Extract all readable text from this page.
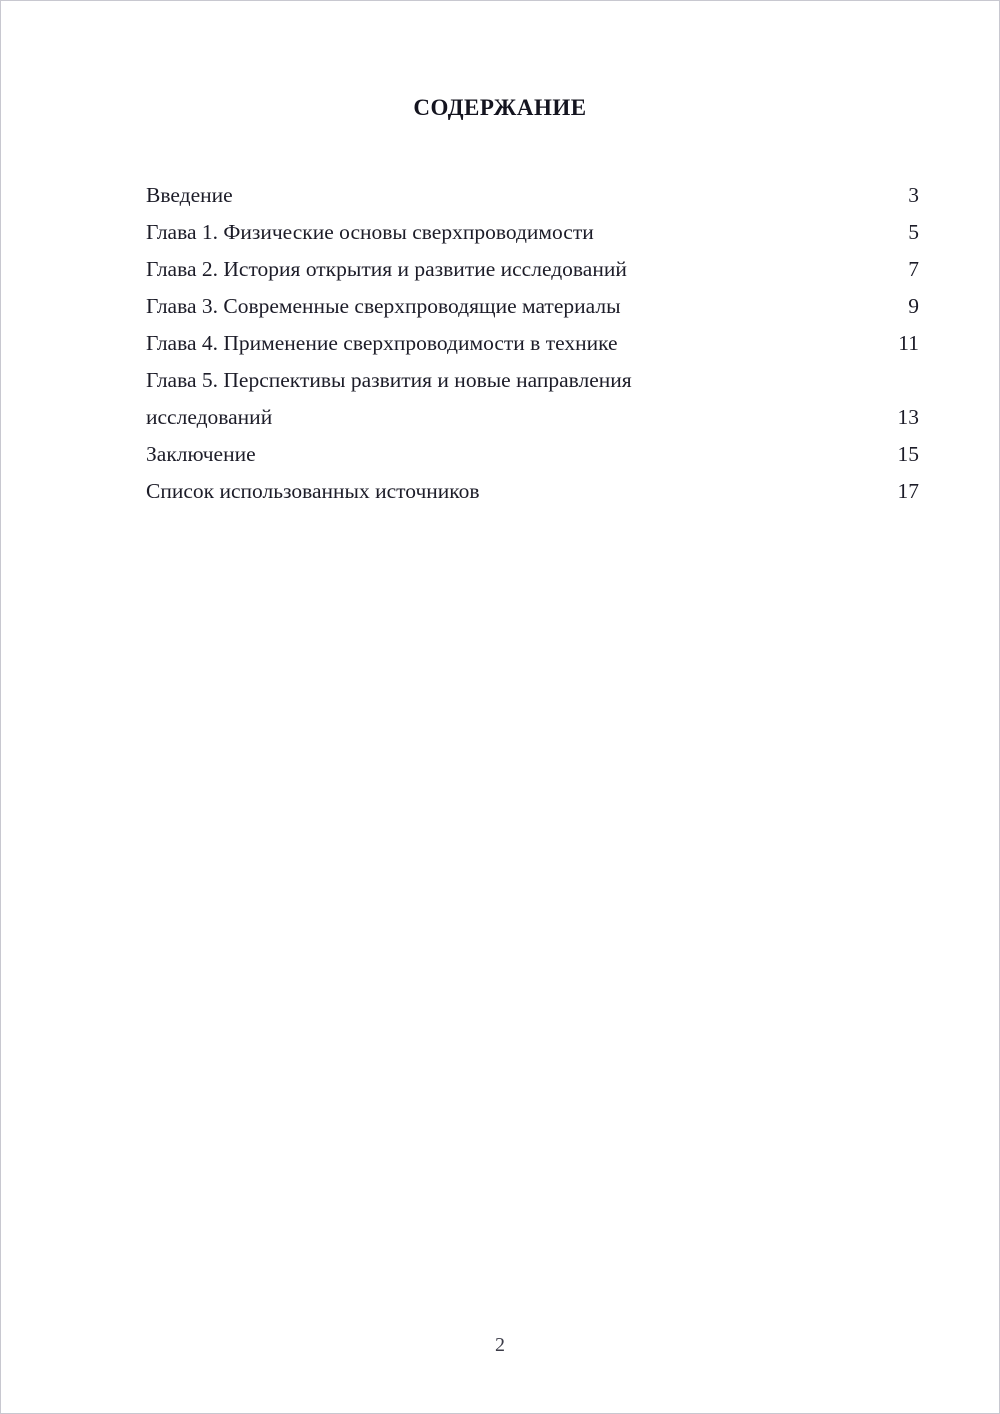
СОДЕРЖАНИЕ
Введение	3
Глава 1. Физические основы сверхпроводимости	5
Глава 2. История открытия и развитие исследований	7
Глава 3. Современные сверхпроводящие материалы	9
Глава 4. Применение сверхпроводимости в технике	11
Глава 5. Перспективы развития и новые направления исследований	13
Заключение	15
Список использованных источников	17
2
